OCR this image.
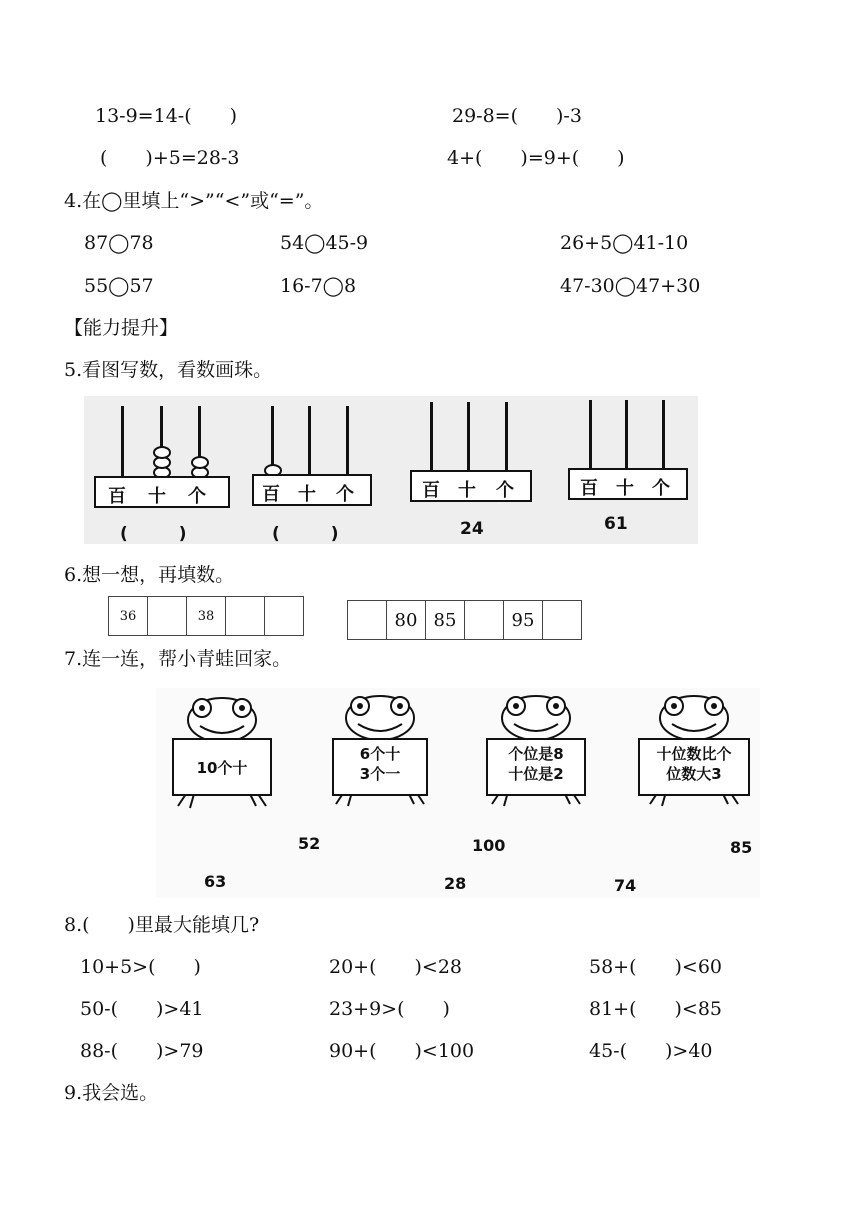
13-9=14-(　　)	29-8=(　　)-3
(　　)+5=28-3	4+(　　)=9+(　　)
4.在◯里填上“>”“<”或“=”。
87◯78	54◯45-9	26+5◯41-10
55◯57	16-7◯8	47-30◯47+30
【能力提升】
5.看图写数，看数画珠。
百 十 个
(　　　)
百 十 个
(　　　)
百 十 个
24
百 十 个
61
6.想一想，再填数。
36		38		
		80	85		95	
7.连一连，帮小青蛙回家。
10个十
6个十
3个一
个位是8
十位是2
十位数比个
位数大3
52	100	85
63	28	74
8.(　　)里最大能填几?
10+5>(　　)	20+(　　)<28	58+(　　)<60
50-(　　)>41	23+9>(　　)	81+(　　)<85
88-(　　)>79	90+(　　)<100	45-(　　)>40
9.我会选。
